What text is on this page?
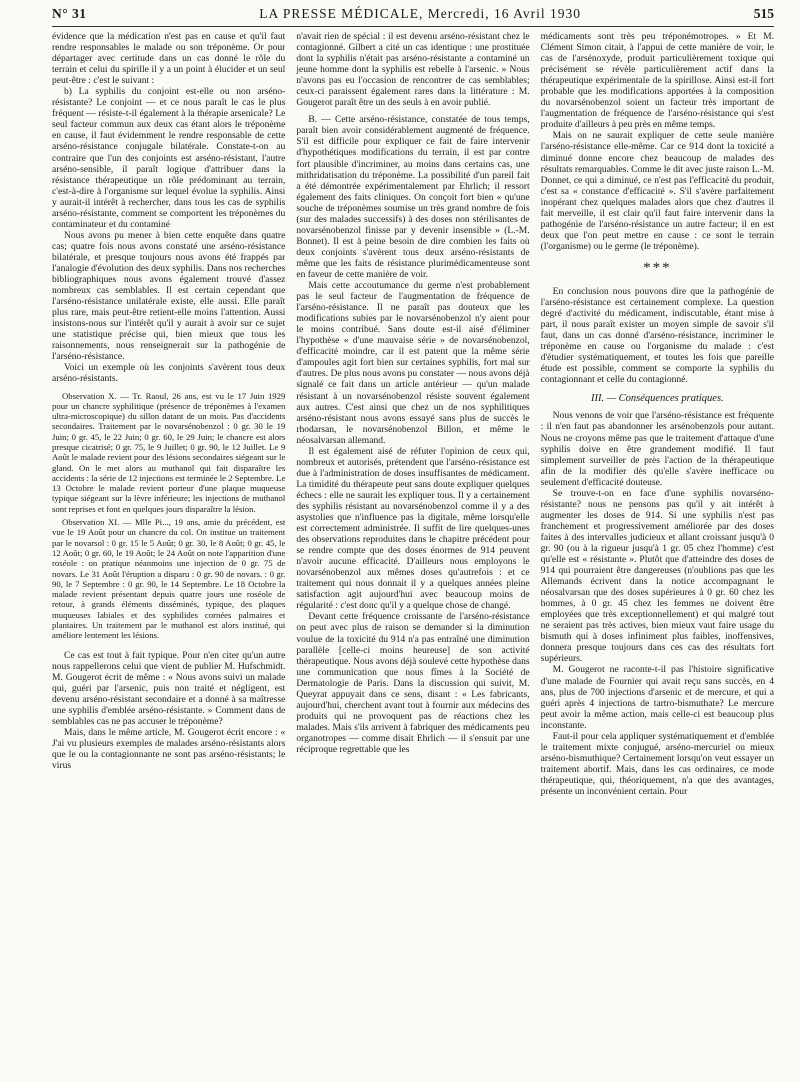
N° 31	LA PRESSE MÉDICALE, Mercredi, 16 Avril 1930	515

évidence que la médication n'est pas en cause et qu'il faut rendre responsables le malade ou son tréponème. Or pour départager avec certitude dans un cas donné le rôle du terrain et celui du spirille il y a un point à élucider et un seul peut-être : c'est le suivant :

b) La syphilis du conjoint est-elle ou non arséno-résistante? Le conjoint — et ce nous paraît le cas le plus fréquent — résiste-t-il également à la thérapie arsenicale? Le seul facteur commun aux deux cas étant alors le tréponème en cause, il faut évidemment le rendre responsable de cette arséno-résistance conjugale bilatérale. Constate-t-on au contraire que l'un des conjoints est arséno-résistant, l'autre arséno-sensible, il paraît logique d'attribuer dans la résistance thérapeutique un rôle prédominant au terrain, c'est-à-dire à l'organisme sur lequel évolue la syphilis. Ainsi y aurait-il intérêt à rechercher, dans tous les cas de syphilis arséno-résistante, comment se comportent les tréponèmes du contaminateur et du contaminé

Nous avons pu mener à bien cette enquête dans quatre cas; quatre fois nous avons constaté une arséno-résistance bilatérale, et presque toujours nous avons été frappés par l'analogie d'évolution des deux syphilis. Dans nos recherches bibliographiques nous avons également trouvé d'assez nombreux cas semblables. Il est certain cependant que l'arséno-résistance unilatérale existe, elle aussi. Elle paraît plus rare, mais peut-être retient-elle moins l'attention. Aussi insistons-nous sur l'intérêt qu'il y aurait à avoir sur ce sujet une statistique précise qui, bien mieux que tous les raisonnements, nous renseignerait sur la pathogénie de l'arséno-résistance.

Voici un exemple où les conjoints s'avèrent tous deux arséno-résistants.

Observation X. — Tr. Raoul, 26 ans, est vu le 17 Juin 1929 pour un chancre syphilitique (présence de tréponèmes à l'examen ultra-microscopique) du sillon datant de un mois. Pas d'accidents secondaires. Traitement par le novarsénobenzol : 0 gr. 30 le 19 Juin; 0 gr. 45, le 22 Juin; 0 gr. 60, le 29 Juin; le chancre est alors presque cicatrisé; 0 gr. 75, le 9 Juillet; 0 gr. 90, le 12 Juillet. Le 9 Août le malade revient pour des lésions secondaires siégeant sur le gland. On le met alors au muthanol qui fait disparaître les accidents : la série de 12 injections est terminée le 2 Septembre. Le 13 Octobre le malade revient porteur d'une plaque muqueuse typique siégeant sur la lèvre inférieure; les injections de muthanol sont reprises et font en quelques jours disparaître la lésion.

Observation XI. — Mlle Pi..., 19 ans, amie du précédent, est vue le 19 Août pour un chancre du col. On institue un traitement par le novarsol : 0 gr. 15 le 5 Août; 0 gr. 30, le 8 Août; 0 gr. 45, le 12 Août; 0 gr. 60, le 19 Août; le 24 Août on note l'apparition d'une roséole : on pratique néanmoins une injection de 0 gr. 75 de novars. Le 31 Août l'éruption a disparu : 0 gr. 90 de novars. : 0 gr. 90, le 7 Septembre : 0 gr. 90, le 14 Septembre. Le 18 Octobre la malade revient présentant depuis quatre jours une roséole de retour, à grands éléments disséminés, typique, des plaques muqueuses labiales et des syphilides cornées palmaires et plantaires. Un traitement par le muthanol est alors institué, qui améliore lentement les lésions.

Ce cas est tout à fait typique. Pour n'en citer qu'un autre nous rappellerons celui que vient de publier M. Hufschmidt. M. Gougerot écrit de même : « Nous avons suivi un malade qui, guéri par l'arsenic, puis non traité et négligent, est devenu arséno-résistant secondaire et a donné à sa maîtresse une syphilis d'emblée arséno-résistante. » Comment dans de semblables cas ne pas accuser le tréponème?

Mais, dans le même article, M. Gougerot écrit encore : « J'ai vu plusieurs exemples de malades arséno-résistants alors que le ou la contagionnante ne sont pas arséno-résistants; le virus

n'avait rien de spécial : il est devenu arséno-résistant chez le contagionné. Gilbert a cité un cas identique : une prostituée dont la syphilis n'était pas arséno-résistante a contaminé un jeune homme dont la syphilis est rebelle à l'arsenic. » Nous n'avons pas eu l'occasion de rencontrer de cas semblables; ceux-ci paraissent également rares dans la littérature : M. Gougerot paraît être un des seuls à en avoir publié.

B. — Cette arséno-résistance, constatée de tous temps, paraît bien avoir considérablement augmenté de fréquence. S'il est difficile pour expliquer ce fait de faire intervenir d'hypothétiques modifications du terrain, il est par contre fort plausible d'incriminer, au moins dans certains cas, une mithridatisation du tréponème. La possibilité d'un pareil fait a été démontrée expérimentalement par Ehrlich; il ressort également des faits cliniques. On conçoit fort bien « qu'une souche de tréponèmes soumise un très grand nombre de fois (sur des malades successifs) à des doses non stérilisantes de novarsénobenzol finisse par y devenir insensible » (L.-M. Bonnet). Il est à peine besoin de dire combien les faits où deux conjoints s'avèrent tous deux arséno-résistants de même que les faits de résistance plurimédicamenteuse sont en faveur de cette manière de voir.

Mais cette accoutumance du germe n'est probablement pas le seul facteur de l'augmentation de fréquence de l'arséno-résistance. Il ne paraît pas douteux que les modifications subies par le novarsénobenzol n'y aient pour le moins contribué. Sans doute est-il aisé d'éliminer l'hypothèse « d'une mauvaise série » de novarsénobenzol, d'efficacité moindre, car il est patent que la même série d'ampoules agit fort bien sur certaines syphilis, fort mal sur d'autres. De plus nous avons pu constater — nous avons déjà signalé ce fait dans un article antérieur — qu'un malade résistant à un novarsénobenzol résiste souvent également aux autres. C'est ainsi que chez un de nos syphilitiques arséno-résistant nous avons essayé sans plus de succès le rhodarsan, le novarsénobenzol Billon, et même le néosalvarsan allemand.

Il est également aisé de réfuter l'opinion de ceux qui, nombreux et autorisés, prétendent que l'arséno-résistance est due à l'administration de doses insuffisantes de médicament. La timidité du thérapeute peut sans doute expliquer quelques échecs : elle ne saurait les expliquer tous. Il y a certainement des syphilis résistant au novarsénobenzol comme il y a des asystolies que n'influence pas la digitale, même lorsqu'elle est correctement administrée. Il suffit de lire quelques-unes des observations reproduites dans le chapitre précédent pour se rendre compte que des doses énormes de 914 peuvent n'avoir aucune efficacité. D'ailleurs nous employons le novarsénobenzol aux mêmes doses qu'autrefois : et ce traitement qui nous donnait il y a quelques années pleine satisfaction agit aujourd'hui avec beaucoup moins de régularité : c'est donc qu'il y a quelque chose de changé.

Devant cette fréquence croissante de l'arséno-résistance on peut avec plus de raison se demander si la diminution voulue de la toxicité du 914 n'a pas entraîné une diminution parallèle [celle-ci moins heureuse] de son activité thérapeutique. Nous avons déjà soulevé cette hypothèse dans une communication que nous fîmes à la Société de Dermatologie de Paris. Dans la discussion qui suivit, M. Queyrat appuyait dans ce sens, disant : « Les fabricants, aujourd'hui, cherchent avant tout à fournir aux médecins des produits qui ne provoquent pas de réactions chez les malades. Mais s'ils arrivent à fabriquer des médicaments peu organotropes — comme disait Ehrlich — il s'ensuit par une réciproque regrettable que les

médicaments sont très peu tréponémotropes. » Et M. Clément Simon citait, à l'appui de cette manière de voir, le cas de l'arsénoxyde, produit particulièrement toxique qui précisément se révèle particulièrement actif dans la thérapeutique expérimentale de la spirillose. Ainsi est-il fort probable que les modifications apportées à la composition du novarsénobenzol soient un facteur très important de l'augmentation de fréquence de l'arséno-résistance qui s'est produite d'ailleurs à peu près en même temps.

Mais on ne saurait expliquer de cette seule manière l'arséno-résistance elle-même. Car ce 914 dont la toxicité a diminué donne encore chez beaucoup de malades des résultats remarquables. Comme le dit avec juste raison L.-M. Donnet, ce qui a diminué, ce n'est pas l'efficacité du produit, c'est sa « constance d'efficacité ». S'il s'avère parfaitement inopérant chez quelques malades alors que chez d'autres il fait merveille, il est clair qu'il faut faire intervenir dans la pathogénie de l'arséno-résistance un autre facteur; il en est deux que l'on peut mettre en cause : ce sont le terrain (l'organisme) ou le germe (le tréponème).

***

En conclusion nous pouvons dire que la pathogénie de l'arséno-résistance est certainement complexe. La question degré d'activité du médicament, indiscutable, étant mise à part, il nous paraît exister un moyen simple de savoir s'il faut, dans un cas donné d'arséno-résistance, incriminer le tréponème en cause ou l'organisme du malade : c'est d'étudier systématiquement, et toutes les fois que pareille étude est possible, comment se comporte la syphilis du contagionnant et celle du contagionné.

III. — Conséquences pratiques.

Nous venons de voir que l'arséno-résistance est fréquente : il n'en faut pas abandonner les arsénobenzols pour autant. Nous ne croyons même pas que le traitement d'attaque d'une syphilis doive en être grandement modifié. Il faut simplement surveiller de près l'action de la thérapeutique afin de la modifier dès qu'elle s'avère inefficace ou seulement d'efficacité douteuse.

Se trouve-t-on en face d'une syphilis novarséno-résistante? nous ne pensons pas qu'il y ait intérêt à augmenter les doses de 914. Si une syphilis n'est pas franchement et progressivement améliorée par des doses faites à des intervalles judicieux et allant croissant jusqu'à 0 gr. 90 (ou à la rigueur jusqu'à 1 gr. 05 chez l'homme) c'est qu'elle est « résistante ». Plutôt que d'atteindre des doses de 914 qui pourraient être dangereuses (n'oublions pas que les Allemands écrivent dans la notice accompagnant le néosalvarsan que des doses supérieures à 0 gr. 60 chez les hommes, à 0 gr. 45 chez les femmes ne doivent être employées que très exceptionnellement) et qui malgré tout ne seraient pas très actives, bien mieux vaut faire usage du bismuth qui à doses infiniment plus faibles, inoffensives, donnera presque toujours dans ces cas des résultats fort supérieurs.

M. Gougerot ne raconte-t-il pas l'histoire significative d'une malade de Fournier qui avait reçu sans succès, en 4 ans, plus de 700 injections d'arsenic et de mercure, et qui a guéri après 4 injections de tartro-bismuthate? Le mercure peut avoir la même action, mais celle-ci est beaucoup plus inconstante.

Faut-il pour cela appliquer systématiquement et d'emblée le traitement mixte conjugué, arséno-mercuriel ou mieux arséno-bismuthique? Certainement lorsqu'on veut essayer un traitement abortif. Mais, dans les cas ordinaires, ce mode thérapeutique, qui, théoriquement, n'a que des avantages, présente un inconvénient certain. Pour
